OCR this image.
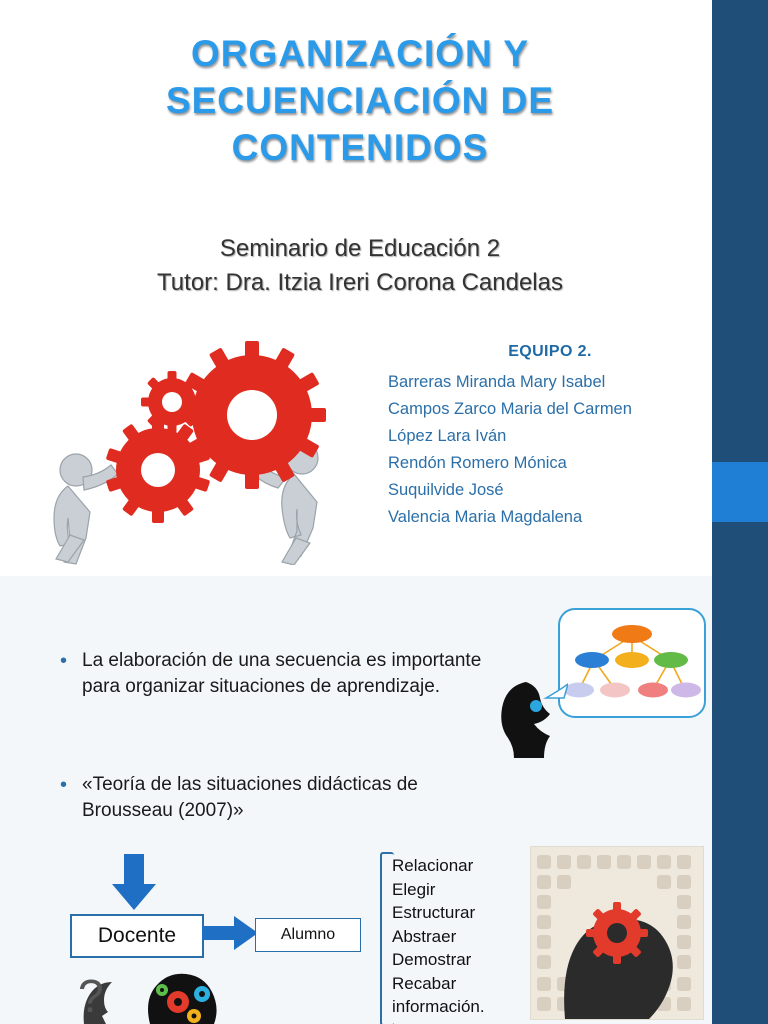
ORGANIZACIÓN Y SECUENCIACIÓN DE CONTENIDOS
Seminario de Educación 2
Tutor: Dra. Itzia Ireri Corona Candelas
EQUIPO 2.
Barreras Miranda Mary Isabel
Campos Zarco Maria del Carmen
López Lara Iván
Rendón Romero Mónica
Suquilvide José
Valencia Maria Magdalena
• La elaboración de una secuencia es importante para organizar situaciones de aprendizaje.
• «Teoría de las situaciones didácticas de Brousseau (2007)»
Docente	Alumno
Relacionar
Elegir
Estructurar
Abstraer
Demostrar
Recabar
información.
?
